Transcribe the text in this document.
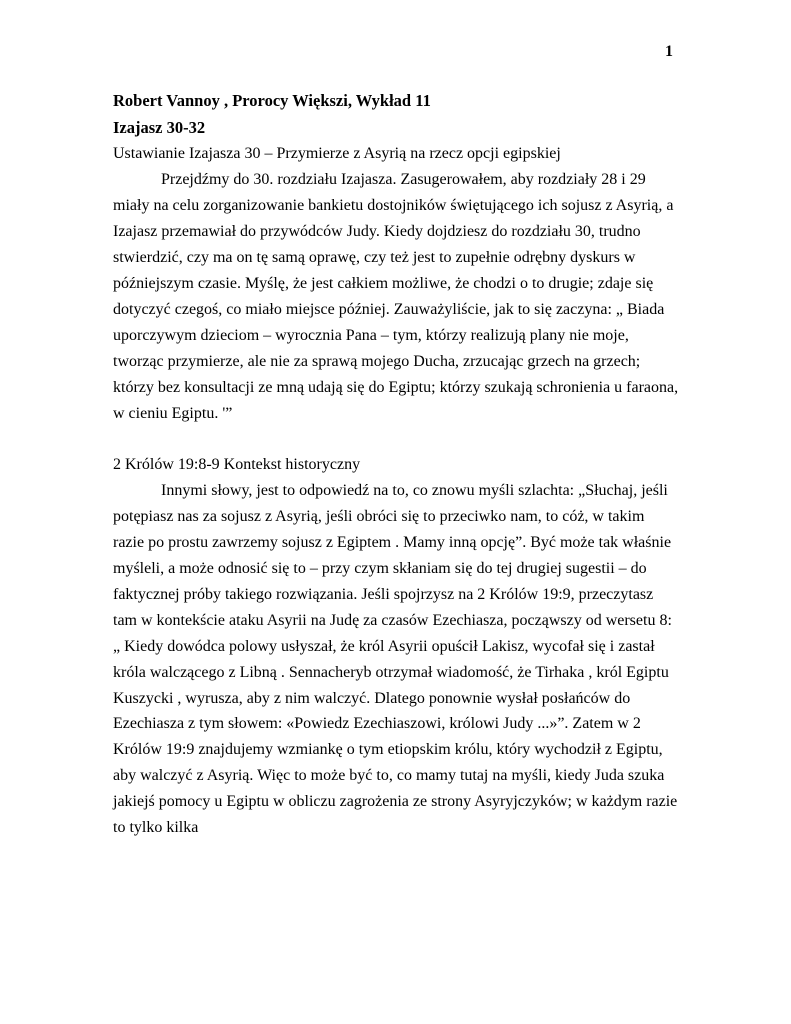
1
Robert Vannoy , Prorocy Większi, Wykład 11
Izajasz 30-32
Ustawianie Izajasza 30 – Przymierze z Asyrią na rzecz opcji egipskiej

Przejdźmy do 30. rozdziału Izajasza. Zasugerowałem, aby rozdziały 28 i 29 miały na celu zorganizowanie bankietu dostojników świętującego ich sojusz z Asyrią, a Izajasz przemawiał do przywódców Judy. Kiedy dojdziesz do rozdziału 30, trudno stwierdzić, czy ma on tę samą oprawę, czy też jest to zupełnie odrębny dyskurs w późniejszym czasie. Myślę, że jest całkiem możliwe, że chodzi o to drugie; zdaje się dotyczyć czegoś, co miało miejsce później. Zauważyliście, jak to się zaczyna: „ Biada uporczywym dzieciom – wyrocznia Pana – tym, którzy realizują plany nie moje, tworząc przymierze, ale nie za sprawą mojego Ducha, zrzucając grzech na grzech; którzy bez konsultacji ze mną udają się do Egiptu; którzy szukają schronienia u faraona, w cieniu Egiptu. '”

2 Królów 19:8-9 Kontekst historyczny

Innymi słowy, jest to odpowiedź na to, co znowu myśli szlachta: „Słuchaj, jeśli potępiasz nas za sojusz z Asyrią, jeśli obróci się to przeciwko nam, to cóż, w takim razie po prostu zawrzemy sojusz z Egiptem . Mamy inną opcję”. Być może tak właśnie myśleli, a może odnosić się to – przy czym skłaniam się do tej drugiej sugestii – do faktycznej próby takiego rozwiązania. Jeśli spojrzysz na 2 Królów 19:9, przeczytasz tam w kontekście ataku Asyrii na Judę za czasów Ezechiasza, począwszy od wersetu 8: „ Kiedy dowódca polowy usłyszał, że król Asyrii opuścił Lakisz, wycofał się i zastał króla walczącego z Libną . Sennacheryb otrzymał wiadomość, że Tirhaka , król Egiptu Kuszycki , wyrusza, aby z nim walczyć. Dlatego ponownie wysłał posłańców do Ezechiasza z tym słowem: «Powiedz Ezechiaszowi, królowi Judy ...»”. Zatem w 2 Królów 19:9 znajdujemy wzmiankę o tym etiopskim królu, który wychodził z Egiptu, aby walczyć z Asyrią. Więc to może być to, co mamy tutaj na myśli, kiedy Juda szuka jakiejś pomocy u Egiptu w obliczu zagrożenia ze strony Asyryjczyków; w każdym razie to tylko kilka
